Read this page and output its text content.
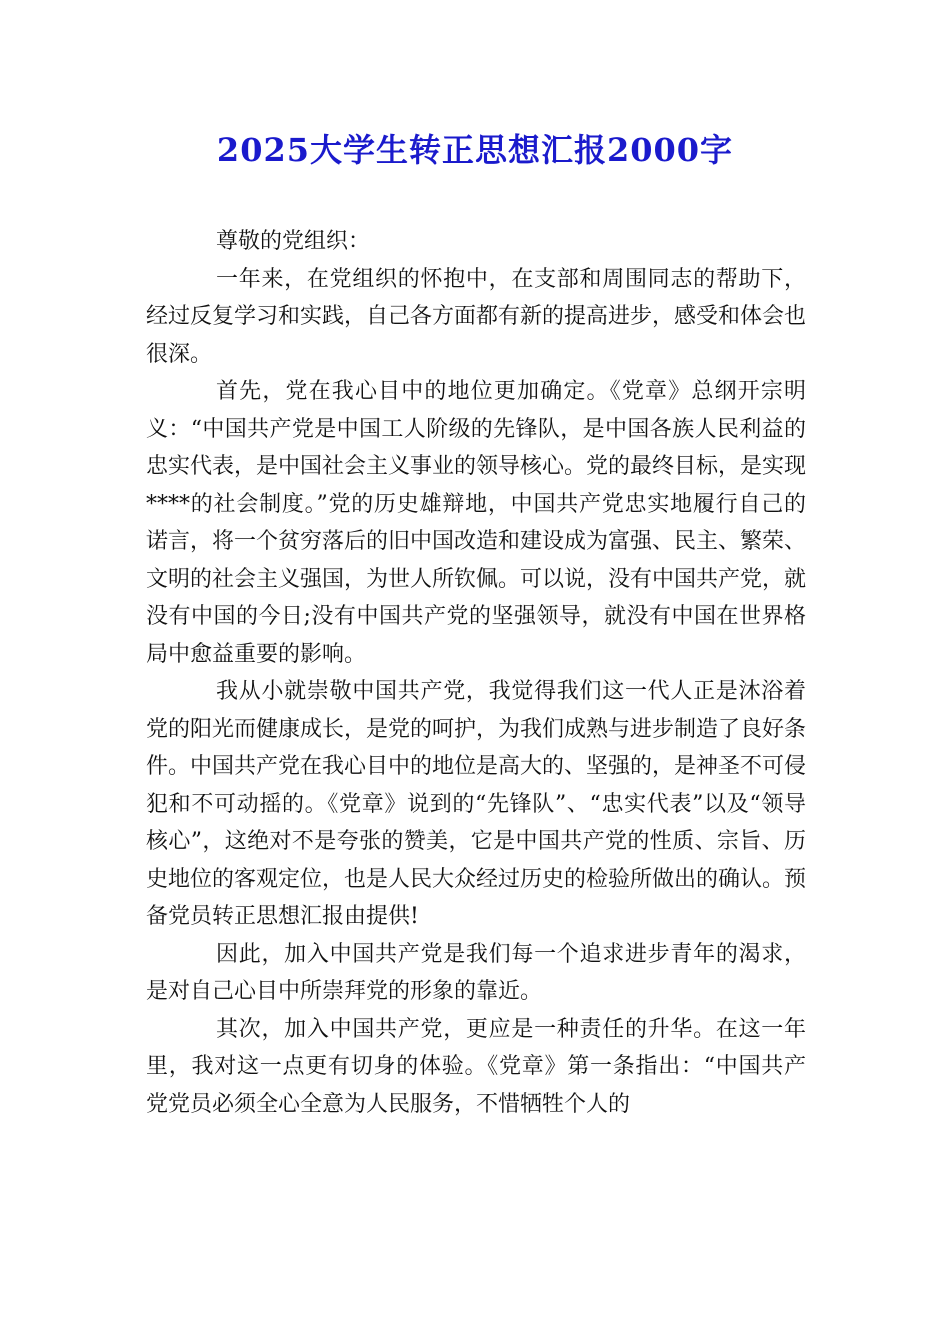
2025大学生转正思想汇报2000字

尊敬的党组织：

一年来，在党组织的怀抱中，在支部和周围同志的帮助下，经过反复学习和实践，自己各方面都有新的提高进步，感受和体会也很深。

首先，党在我心目中的地位更加确定。《党章》总纲开宗明义：“中国共产党是中国工人阶级的先锋队，是中国各族人民利益的忠实代表，是中国社会主义事业的领导核心。党的最终目标，是实现****的社会制度。”党的历史雄辩地，中国共产党忠实地履行自己的诺言，将一个贫穷落后的旧中国改造和建设成为富强、民主、繁荣、文明的社会主义强国，为世人所钦佩。可以说，没有中国共产党，就没有中国的今日;没有中国共产党的坚强领导，就没有中国在世界格局中愈益重要的影响。

我从小就崇敬中国共产党，我觉得我们这一代人正是沐浴着党的阳光而健康成长，是党的呵护，为我们成熟与进步制造了良好条件。中国共产党在我心目中的地位是高大的、坚强的，是神圣不可侵犯和不可动摇的。《党章》说到的“先锋队”、“忠实代表”以及“领导核心”，这绝对不是夸张的赞美，它是中国共产党的性质、宗旨、历史地位的客观定位，也是人民大众经过历史的检验所做出的确认。预备党员转正思想汇报由提供!

因此，加入中国共产党是我们每一个追求进步青年的渴求，是对自己心目中所崇拜党的形象的靠近。

其次，加入中国共产党，更应是一种责任的升华。在这一年里，我对这一点更有切身的体验。《党章》第一条指出：“中国共产党党员必须全心全意为人民服务，不惜牺牲个人的
